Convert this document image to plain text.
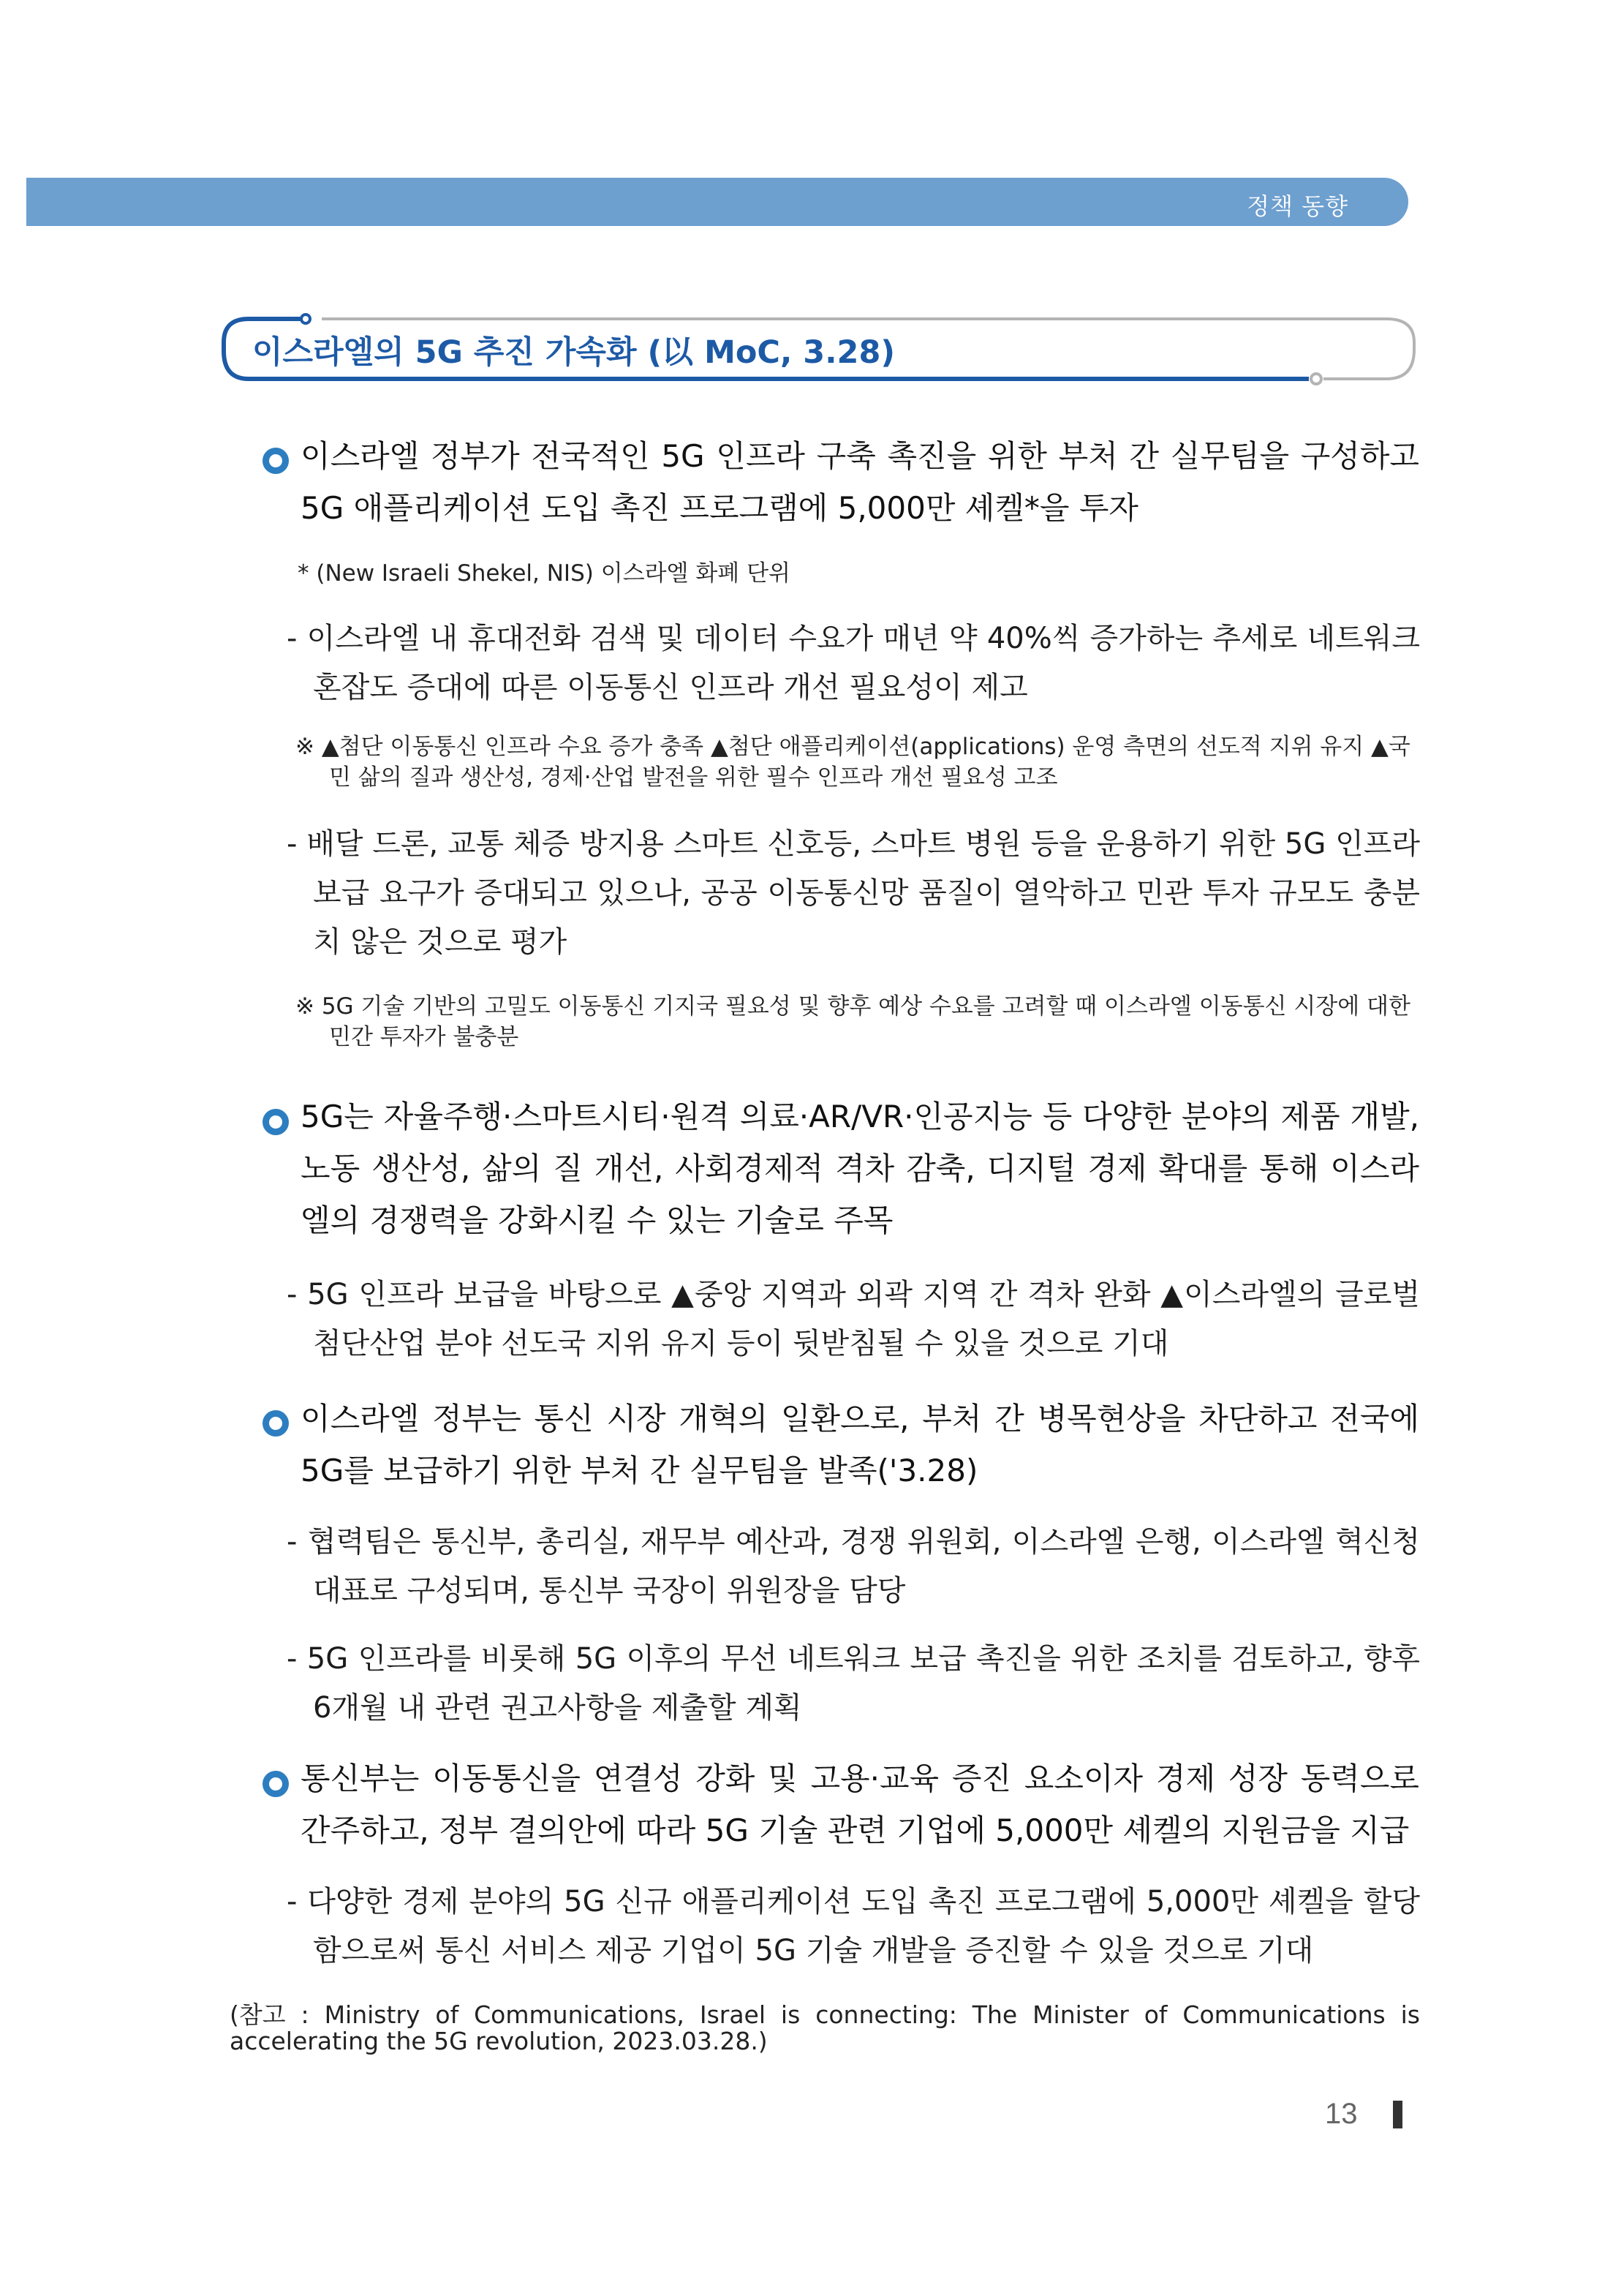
정책 동향
이스라엘의 5G 추진 가속화 (以 MoC, 3.28)
이스라엘 정부가 전국적인 5G 인프라 구축 촉진을 위한 부처 간 실무팀을 구성하고 5G 애플리케이션 도입 촉진 프로그램에 5,000만 셰켈*을 투자
* (New Israeli Shekel, NIS) 이스라엘 화폐 단위
- 이스라엘 내 휴대전화 검색 및 데이터 수요가 매년 약 40%씩 증가하는 추세로 네트워크 혼잡도 증대에 따른 이동통신 인프라 개선 필요성이 제고
※ ▲첨단 이동통신 인프라 수요 증가 충족 ▲첨단 애플리케이션(applications) 운영 측면의 선도적 지위 유지 ▲국민 삶의 질과 생산성, 경제·산업 발전을 위한 필수 인프라 개선 필요성 고조
- 배달 드론, 교통 체증 방지용 스마트 신호등, 스마트 병원 등을 운용하기 위한 5G 인프라 보급 요구가 증대되고 있으나, 공공 이동통신망 품질이 열악하고 민관 투자 규모도 충분치 않은 것으로 평가
※ 5G 기술 기반의 고밀도 이동통신 기지국 필요성 및 향후 예상 수요를 고려할 때 이스라엘 이동통신 시장에 대한 민간 투자가 불충분
5G는 자율주행·스마트시티·원격 의료·AR/VR·인공지능 등 다양한 분야의 제품 개발, 노동 생산성, 삶의 질 개선, 사회경제적 격차 감축, 디지털 경제 확대를 통해 이스라엘의 경쟁력을 강화시킬 수 있는 기술로 주목
- 5G 인프라 보급을 바탕으로 ▲중앙 지역과 외곽 지역 간 격차 완화 ▲이스라엘의 글로벌 첨단산업 분야 선도국 지위 유지 등이 뒷받침될 수 있을 것으로 기대
이스라엘 정부는 통신 시장 개혁의 일환으로, 부처 간 병목현상을 차단하고 전국에 5G를 보급하기 위한 부처 간 실무팀을 발족('3.28)
- 협력팀은 통신부, 총리실, 재무부 예산과, 경쟁 위원회, 이스라엘 은행, 이스라엘 혁신청 대표로 구성되며, 통신부 국장이 위원장을 담당
- 5G 인프라를 비롯해 5G 이후의 무선 네트워크 보급 촉진을 위한 조치를 검토하고, 향후 6개월 내 관련 권고사항을 제출할 계획
통신부는 이동통신을 연결성 강화 및 고용·교육 증진 요소이자 경제 성장 동력으로 간주하고, 정부 결의안에 따라 5G 기술 관련 기업에 5,000만 셰켈의 지원금을 지급
- 다양한 경제 분야의 5G 신규 애플리케이션 도입 촉진 프로그램에 5,000만 셰켈을 할당함으로써 통신 서비스 제공 기업이 5G 기술 개발을 증진할 수 있을 것으로 기대
(참고 : Ministry of Communications, Israel is connecting: The Minister of Communications is accelerating the 5G revolution, 2023.03.28.)
13
